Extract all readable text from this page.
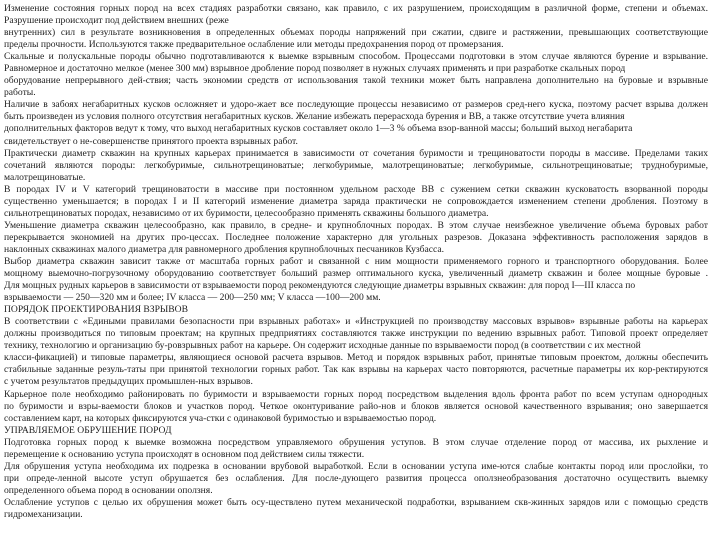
Изменение состояния горных пород на всех стадиях разработки связано, как правило, с их разрушением, происходящим в различной форме, степени и объемах.
Разрушение происходит под действием внешних (реже
внутренних) сил в результате возникновения в определенных объемах породы напряжений при сжатии, сдвиге и растяжении, превышающих соответствующие
пределы прочности. Используются также предварительное ослабление или методы предохранения пород от промерзания.
Скальные и полускальные породы обычно подготавливаются к выемке взрывным способом. Процессами подготовки в этом случае являются бурение и взрывание.
Равномерное и достаточно мелкое (менее 300 мм) взрывное дробление пород позволяет в нужных случаях применять и при разработке скальных пород
оборудование непрерывного дей-ствия; часть экономии средств от использования такой техники может быть направлена дополнительно на буровые и взрывные
работы.
Наличие в забоях негабаритных кусков осложняет и удоро-жает все последующие процессы независимо от размеров сред-него куска, поэтому расчет взрыва должен
быть произведен из условия полного отсутствия негабаритных кусков. Желание избежать перерасхода бурения и ВВ, а также отсутствие учета влияния
дополнительных факторов ведут к тому, что выход негабаритных кусков составляет около 1—3 % объема взор-ванной массы; больший выход негабарита
свидетельствует о не-совершенстве принятого проекта взрывных работ.
Практически диаметр скважин на крупных карьерах принимается в зависимости от сочетания буримости и трещиноватости породы в массиве. Пределами таких
сочетаний являются породы: легкобуримые, сильнотрещиноватые; легкобуримые, малотрещиноватые; легкобуримые, сильнотрещиноватые; труднобуримые,
малотрещиноватые.
В породах IV и V категорий трещиноватости в массиве при постоянном удельном расходе ВВ с сужением сетки скважин кусковатость взорванной породы
существенно уменьшается; в породах I и II категорий изменение диаметра заряда практически не сопровождается изменением степени дробления. Поэтому в
сильнотрещиноватых породах, независимо от их буримости, целесообразно применять скважины большого диаметра.
Уменьшение диаметра скважин целесообразно, как правило, в средне- и крупноблочных породах. В этом случае неизбежное увеличение объема буровых работ
перекрывается экономией на других про-цессах. Последнее положение характерно для угольных разрезов. Доказана эффективность расположения зарядов в
наклонных скважинах малого диаметра для равномерного дробления крупноблочных песчаников Кузбасса.
Выбор диаметра скважин зависит также от масштаба горных работ и связанной с ним мощности применяемого горного и транспортного оборудования. Более
мощному выемочно-погрузочному оборудованию соответствует больший размер оптимального куска, увеличенный диаметр скважин и более мощные буровые .
Для мощных рудных карьеров в зависимости от взрываемости пород рекомендуются следующие диаметры взрывных скважин: для пород I—III класса по
взрываемости — 250—320 мм и более; IV класса — 200—250 мм; V класса —100—200 мм.
ПОРЯДОК ПРОЕКТИРОВАНИЯ ВЗРЫВОВ
В соответствии с «Едиными правилами безопасности при взрывных работах» и «Инструкцией по производству массовых взрывов» взрывные работы на карьерах
должны производиться по типовым проектам; на крупных предприятиях составляются также инструкции по ведению взрывных работ. Типовой проект определяет
технику, технологию и организацию бу-ровзрывных работ на карьере. Он содержит исходные данные по взрываемости пород (в соответствии с их местной
класси-фикацией) и типовые параметры, являющиеся основой расчета взрывов. Метод и порядок взрывных работ, принятые типовым проектом, должны обеспечить
стабильные заданные резуль-таты при принятой технологии горных работ. Так как взрывы на карьерах часто повторяются, расчетные параметры их кор-ректируются
с учетом результатов предыдущих промышлен-ных взрывов.
Карьерное поле необходимо районировать по буримости и взрываемости горных пород посредством выделения вдоль фронта работ по всем уступам однородных
по буримости и взры-ваемости блоков и участков пород. Четкое оконтуривание райо-нов и блоков является основой качественного взрывания; оно завершается
составлением карт, на которых фиксируются уча-стки с одинаковой буримостью и взрываемостью пород.
УПРАВЛЯЕМОЕ ОБРУШЕНИЕ ПОРОД
Подготовка горных пород к выемке возможна посредством управляемого обрушения уступов. В этом случае отделение пород от массива, их рыхление и
перемещение к основанию уступа происходят в основном под действием силы тяжести.
Для обрушения уступа необходима их подрезка в основании врубовой выработкой. Если в основании уступа име-ются слабые контакты пород или прослойки, то
при опреде-ленной высоте уступ обрушается без ослабления. Для после-дующего развития процесса оползнеобразования достаточно осуществить выемку
определенного объема пород в основании оползня.
Ослабление уступов с целью их обрушения может быть осу-ществлено путем механической подработки, взрыванием скв-жинных зарядов или с помощью средств
гидромеханизации.
